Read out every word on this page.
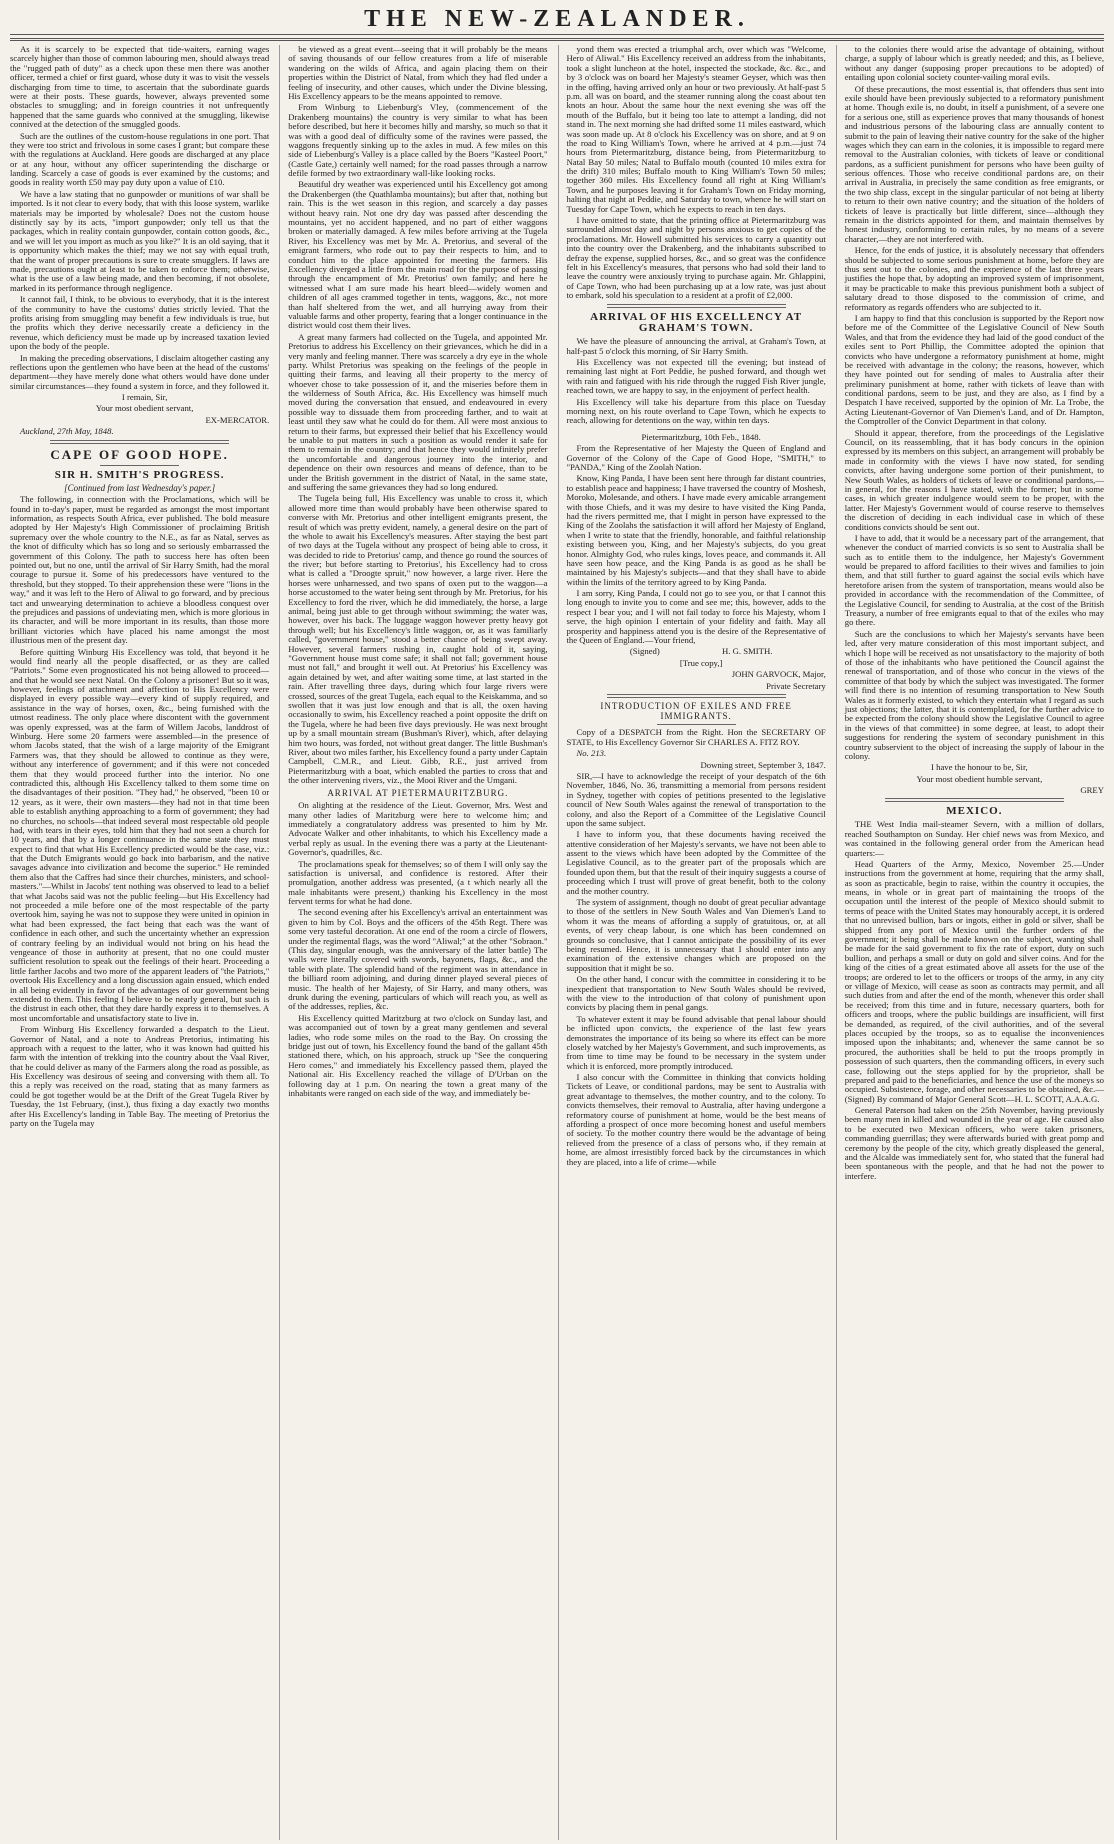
THE NEW-ZEALANDER.

As it is scarcely to be expected that tide-waiters, earning wages scarcely higher than those of common labouring men, should always tread the "rugged path of duty" as a check upon these men there was another officer, termed a chief or first guard, whose duty it was to visit the vessels discharging from time to time, to ascertain that the subordinate guards were at their posts. These guards, however, always prevented some obstacles to smuggling; and in foreign countries it not unfrequently happened that the same guards who connived at the smuggling, likewise connived at the detection of the smuggled goods.

Such are the outlines of the custom-house regulations in one port. That they were too strict and frivolous in some cases I grant; but compare these with the regulations at Auckland. Here goods are discharged at any place or at any hour, without any officer superintending the discharge or landing. Scarcely a case of goods is ever examined by the customs; and goods in reality worth £50 may pay duty upon a value of £10.

We have a law stating that no gunpowder or munitions of war shall be imported. Is it not clear to every body, that with this loose system, warlike materials may be imported by wholesale? Does not the custom house distinctly say by its acts, "import gunpowder; only tell us that the packages, which in reality contain gunpowder, contain cotton goods, &c., and we will let you import as much as you like?" It is an old saying, that it is opportunity which makes the thief; may we not say with equal truth, that the want of proper precautions is sure to create smugglers. If laws are made, precautions ought at least to be taken to enforce them; otherwise, what is the use of a law being made, and then becoming, if not obsolete, marked in its performance through negligence.

It cannot fail, I think, to be obvious to everybody, that it is the interest of the community to have the customs' duties strictly levied. That the profits arising from smuggling may benefit a few individuals is true, but the profits which they derive necessarily create a deficiency in the revenue, which deficiency must be made up by increased taxation levied upon the body of the people.

In making the preceding observations, I disclaim altogether casting any reflections upon the gentlemen who have been at the head of the customs' department—they have merely done what others would have done under similar circumstances—they found a system in force, and they followed it.

I remain, Sir,

Your most obedient servant,

EX-MERCATOR.

Auckland, 27th May, 1848.

CAPE OF GOOD HOPE.
SIR H. SMITH'S PROGRESS.
[Continued from last Wednesday's paper.]

The following, in connection with the Proclamations, which will be found in to-day's paper, must be regarded as amongst the most important information, as respects South Africa, ever published. The bold measure adopted by Her Majesty's High Commissioner of proclaiming British supremacy over the whole country to the N.E., as far as Natal, serves as the knot of difficulty which has so long and so seriously embarrassed the government of this Colony. The path to success here has often been pointed out, but no one, until the arrival of Sir Harry Smith, had the moral courage to pursue it. Some of his predecessors have ventured to the threshold, but they stopped. To their apprehension these were "lions in the way," and it was left to the Hero of Aliwal to go forward, and by precious tact and unwearying determination to achieve a bloodless conquest over the prejudices and passions of undeviating men, which is more glorious in its character, and will be more important in its results, than those more brilliant victories which have placed his name amongst the most illustrious men of the present day.

Before quitting Winburg His Excellency was told, that beyond it he would find nearly all the people disaffected, or as they are called "Patriots." Some even prognosticated his not being allowed to proceed—and that he would see next Natal. On the Colony a prisoner! But so it was, however, feelings of attachment and affection to His Excellency were displayed in every possible way—every kind of supply required, and assistance in the way of horses, oxen, &c., being furnished with the utmost readiness. The only place where discontent with the government was openly expressed, was at the farm of Willem Jacobs, landdrost of Winburg. Here some 20 farmers were assembled—in the presence of whom Jacobs stated, that the wish of a large majority of the Emigrant Farmers was, that they should be allowed to continue as they were, without any interference of government; and if this were not conceded them that they would proceed further into the interior. No one contradicted this, although His Excellency talked to them some time on the disadvantages of their position. "They had," he observed, "been 10 or 12 years, as it were, their own masters—they had not in that time been able to establish anything approaching to a form of government; they had no churches, no schools—that indeed several most respectable old people had, with tears in their eyes, told him that they had not seen a church for 10 years, and that by a longer continuance in the same state they must expect to find that what His Excellency predicted would be the case, viz.: that the Dutch Emigrants would go back into barbarism, and the native savages advance into civilization and become the superior." He reminded them also that the Caffres had since their churches, ministers, and school-masters."—Whilst in Jacobs' tent nothing was observed to lead to a belief that what Jacobs said was not the public feeling—but His Excellency had not proceeded a mile before one of the most respectable of the party overtook him, saying he was not to suppose they were united in opinion in what had been expressed, the fact being that each was the want of confidence in each other, and such the uncertainty whether an expression of contrary feeling by an individual would not bring on his head the vengeance of those in authority at present, that no one could muster sufficient resolution to speak out the feelings of their heart. Proceeding a little farther Jacobs and two more of the apparent leaders of "the Patriots," overtook His Excellency and a long discussion again ensued, which ended in all being evidently in favor of the advantages of our government being extended to them. This feeling I believe to be nearly general, but such is the distrust in each other, that they dare hardly express it to themselves. A most uncomfortable and unsatisfactory state to live in.

From Winburg His Excellency forwarded a despatch to the Lieut. Governor of Natal, and a note to Andreas Pretorius, intimating his approach with a request to the latter, who it was known had quitted his farm with the intention of trekking into the country about the Vaal River, that he could deliver as many of the Farmers along the road as possible, as His Excellency was desirous of seeing and conversing with them all. To this a reply was received on the road, stating that as many farmers as could be got together would be at the Drift of the Great Tugela River by Tuesday, the 1st February, (inst.), thus fixing a day exactly two months after His Excellency's landing in Table Bay. The meeting of Pretorius the party on the Tugela may

be viewed as a great event—seeing that it will probably be the means of saving thousands of our fellow creatures from a life of miserable wandering on the wilds of Africa, and again placing them on their properties within the District of Natal, from which they had fled under a feeling of insecurity, and other causes, which under the Divine blessing, His Excellency appears to be the means appointed to remove.

From Winburg to Liebenburg's Vley, (commencement of the Drakenberg mountains) the country is very similar to what has been before described, but here it becomes hilly and marshy, so much so that it was with a good deal of difficulty some of the ravines were passed, the waggons frequently sinking up to the axles in mud. A few miles on this side of Liebenburg's Valley is a place called by the Boers "Kasteel Poort," (Castle Gate,) certainly well named; for the road passes through a narrow defile formed by two extraordinary wall-like looking rocks.

Beautiful dry weather was experienced until his Excellency got among the Drakenbergen (the Quathlamba mountains); but after that, nothing but rain. This is the wet season in this region, and scarcely a day passes without heavy rain. Not one dry day was passed after descending the mountains, yet no accident happened, and no part of either waggons broken or materially damaged. A few miles before arriving at the Tugela River, his Excellency was met by Mr. A. Pretorius, and several of the emigrant farmers, who rode out to pay their respects to him, and to conduct him to the place appointed for meeting the farmers. His Excellency diverged a little from the main road for the purpose of passing through the encampment of Mr. Pretorius' own family; and here he witnessed what I am sure made his heart bleed—widely women and children of all ages crammed together in tents, waggons, &c., not more than half sheltered from the wet, and all hurrying away from their valuable farms and other property, fearing that a longer continuance in the district would cost them their lives.

A great many farmers had collected on the Tugela, and appointed Mr. Pretorius to address his Excellency on their grievances, which he did in a very manly and feeling manner. There was scarcely a dry eye in the whole party. Whilst Pretorius was speaking on the feelings of the people in quitting their farms, and leaving all their property to the mercy of whoever chose to take possession of it, and the miseries before them in the wilderness of South Africa, &c. His Excellency was himself much moved during the conversation that ensued, and endeavoured in every possible way to dissuade them from proceeding farther, and to wait at least until they saw what he could do for them. All were most anxious to return to their farms, but expressed their belief that his Excellency would be unable to put matters in such a position as would render it safe for them to remain in the country; and that hence they would infinitely prefer the uncomfortable and dangerous journey into the interior, and dependence on their own resources and means of defence, than to be under the British government in the district of Natal, in the same state, and suffering the same grievances they had so long endured.

The Tugela being full, His Excellency was unable to cross it, which allowed more time than would probably have been otherwise spared to converse with Mr. Pretorius and other intelligent emigrants present, the result of which was pretty evident, namely, a general desire on the part of the whole to await his Excellency's measures. After staying the best part of two days at the Tugela without any prospect of being able to cross, it was decided to ride to Pretorius' camp, and thence go round the sources of the river; but before starting to Pretorius', his Excellency had to cross what is called a "Droogte spruit," now however, a large river. Here the horses were unharnessed, and two spans of oxen put to the waggon—a horse accustomed to the water being sent through by Mr. Pretorius, for his Excellency to ford the river, which he did immediately, the horse, a large animal, being just able to get through without swimming; the water was, however, over his back. The luggage waggon however pretty heavy got through well; but his Excellency's little waggon, or, as it was familiarly called, "government house," stood a better chance of being swept away. However, several farmers rushing in, caught hold of it, saying, "Government house must come safe; it shall not fall; government house must not fall," and brought it well out. At Pretorius' his Excellency was again detained by wet, and after waiting some time, at last started in the rain. After travelling three days, during which four large rivers were crossed, sources of the great Tugela, each equal to the Keiskamma, and so swollen that it was just low enough and that is all, the oxen having occasionally to swim, his Excellency reached a point opposite the drift on the Tugela, where he had been five days previously. He was next brought up by a small mountain stream (Bushman's River), which, after delaying him two hours, was forded, not without great danger. The little Bushman's River, about two miles farther, his Excellency found a party under Captain Campbell, C.M.R., and Lieut. Gibb, R.E., just arrived from Pietermaritzburg with a boat, which enabled the parties to cross that and the other intervening rivers, viz., the Mooi River and the Umgani.

ARRIVAL AT PIETERMAURITZBURG.

On alighting at the residence of the Lieut. Governor, Mrs. West and many other ladies of Maritzburg were here to welcome him; and immediately a congratulatory address was presented to him by Mr. Advocate Walker and other inhabitants, to which his Excellency made a verbal reply as usual. In the evening there was a party at the Lieutenant-Governor's, quadrilles, &c.

The proclamations speak for themselves; so of them I will only say the satisfaction is universal, and confidence is restored. After their promulgation, another address was presented, (a t which nearly all the male inhabitants were present,) thanking his Excellency in the most fervent terms for what he had done.

The second evening after his Excellency's arrival an entertainment was given to him by Col. Boys and the officers of the 45th Regt. There was some very tasteful decoration. At one end of the room a circle of flowers, under the regimental flags, was the word "Aliwal;" at the other "Sobraon." (This day, singular enough, was the anniversary of the latter battle) The walls were literally covered with swords, bayonets, flags, &c., and the table with plate. The splendid band of the regiment was in attendance in the billiard room adjoining, and during dinner played several pieces of music. The health of her Majesty, of Sir Harry, and many others, was drunk during the evening, particulars of which will reach you, as well as of the addresses, replies, &c.

His Excellency quitted Maritzburg at two o'clock on Sunday last, and was accompanied out of town by a great many gentlemen and several ladies, who rode some miles on the road to the Bay. On crossing the bridge just out of town, his Excellency found the band of the gallant 45th stationed there, which, on his approach, struck up "See the conquering Hero comes," and immediately his Excellency passed them, played the National air. His Excellency reached the village of D'Urban on the following day at 1 p.m. On nearing the town a great many of the inhabitants were ranged on each side of the way, and immediately be-

yond them was erected a triumphal arch, over which was "Welcome, Hero of Aliwal." His Excellency received an address from the inhabitants, took a slight luncheon at the hotel, inspected the stockade, &c. &c., and by 3 o'clock was on board her Majesty's steamer Geyser, which was then in the offing, having arrived only an hour or two previously. At half-past 5 p.m. all was on board, and the steamer running along the coast about ten knots an hour. About the same hour the next evening she was off the mouth of the Buffalo, but it being too late to attempt a landing, did not stand in. The next morning she had drifted some 11 miles eastward, which was soon made up. At 8 o'clock his Excellency was on shore, and at 9 on the road to King William's Town, where he arrived at 4 p.m.—just 74 hours from Pietermaritzburg, distance being, from Pietermaritzburg to Natal Bay 50 miles; Natal to Buffalo mouth (counted 10 miles extra for the drift) 310 miles; Buffalo mouth to King William's Town 50 miles; together 360 miles. His Excellency found all right at King William's Town, and he purposes leaving it for Graham's Town on Friday morning, halting that night at Peddie, and Saturday to town, whence he will start on Tuesday for Cape Town, which he expects to reach in ten days.

I have omitted to state, that the printing office at Pietermaritzburg was surrounded almost day and night by persons anxious to get copies of the proclamations. Mr. Howell submitted his services to carry a quantity out into the country over the Drakenberg, and the inhabitants subscribed to defray the expense, supplied horses, &c., and so great was the confidence felt in his Excellency's measures, that persons who had sold their land to leave the country were anxiously trying to purchase again. Mr. Ghlappini, of Cape Town, who had been purchasing up at a low rate, was just about to embark, sold his speculation to a resident at a profit of £2,000.

ARRIVAL OF HIS EXCELLENCY AT GRAHAM'S TOWN.

We have the pleasure of announcing the arrival, at Graham's Town, at half-past 5 o'clock this morning, of Sir Harry Smith.

His Excellency was not expected till the evening; but instead of remaining last night at Fort Peddie, he pushed forward, and though wet with rain and fatigued with his ride through the rugged Fish River jungle, reached town, we are happy to say, in the enjoyment of perfect health.

His Excellency will take his departure from this place on Tuesday morning next, on his route overland to Cape Town, which he expects to reach, allowing for detentions on the way, within ten days.

Pietermaritzburg, 10th Feb., 1848.

From the Representative of her Majesty the Queen of England and Governor of the Colony of the Cape of Good Hope, "SMITH," to "PANDA," King of the Zoolah Nation.

Know, King Panda, I have been sent here through far distant countries, to establish peace and happiness; I have traversed the country of Moshesh, Moroko, Molesande, and others. I have made every amicable arrangement with those Chiefs, and it was my desire to have visited the King Panda, had the rivers permitted me, that I might in person have expressed to the King of the Zoolahs the satisfaction it will afford her Majesty of England, when I write to state that the friendly, honorable, and faithful relationship existing between you, King, and her Majesty's subjects, do you great honor. Almighty God, who rules kings, loves peace, and commands it. All have seen how peace, and the King Panda is as good as he shall be maintained by his Majesty's subjects—and that they shall have to abide within the limits of the territory agreed to by King Panda.

I am sorry, King Panda, I could not go to see you, or that I cannot this long enough to invite you to come and see me; this, however, adds to the respect I bear you; and I will not fail today to force his Majesty, whom I serve, the high opinion I entertain of your fidelity and faith. May all prosperity and happiness attend you is the desire of the Representative of the Queen of England.—Your friend,

(Signed)	H. G. SMITH.

[True copy,]

JOHN GARVOCK, Major,

Private Secretary

INTRODUCTION OF EXILES AND FREE IMMIGRANTS.

Copy of a DESPATCH from the Right. Hon the SECRETARY OF STATE, to His Excellency Governor Sir CHARLES A. FITZ ROY.

No. 213.

Downing street, September 3, 1847.

SIR,—I have to acknowledge the receipt of your despatch of the 6th November, 1846, No. 36, transmitting a memorial from persons resident in Sydney, together with copies of petitions presented to the legislative council of New South Wales against the renewal of transportation to the colony, and also the Report of a Committee of the Legislative Council upon the same subject.

I have to inform you, that these documents having received the attentive consideration of her Majesty's servants, we have not been able to assent to the views which have been adopted by the Committee of the Legislative Council, as to the greater part of the proposals which are founded upon them, but that the result of their inquiry suggests a course of proceeding which I trust will prove of great benefit, both to the colony and the mother country.

The system of assignment, though no doubt of great peculiar advantage to those of the settlers in New South Wales and Van Diemen's Land to whom it was the means of affording a supply of gratuitous, or, at all events, of very cheap labour, is one which has been condemned on grounds so conclusive, that I cannot anticipate the possibility of its ever being resumed. Hence, it is unnecessary that I should enter into any examination of the extensive changes which are proposed on the supposition that it might be so.

On the other hand, I concur with the committee in considering it to be inexpedient that transportation to New South Wales should be revived, with the view to the introduction of that colony of punishment upon convicts by placing them in penal gangs.

To whatever extent it may be found advisable that penal labour should be inflicted upon convicts, the experience of the last few years demonstrates the importance of its being so where its effect can be more closely watched by her Majesty's Government, and such improvements, as from time to time may be found to be necessary in the system under which it is enforced, more promptly introduced.

I also concur with the Committee in thinking that convicts holding Tickets of Leave, or conditional pardons, may be sent to Australia with great advantage to themselves, the mother country, and to the colony. To convicts themselves, their removal to Australia, after having undergone a reformatory course of punishment at home, would be the best means of affording a prospect of once more becoming honest and useful members of society. To the mother country there would be the advantage of being relieved from the presence of a class of persons who, if they remain at home, are almost irresistibly forced back by the circumstances in which they are placed, into a life of crime—while

to the colonies there would arise the advantage of obtaining, without charge, a supply of labour which is greatly needed; and this, as I believe, without any danger (supposing proper precautions to be adopted) of entailing upon colonial society counter-vailing moral evils.

Of these precautions, the most essential is, that offenders thus sent into exile should have been previously subjected to a reformatory punishment at home. Though exile is, no doubt, in itself a punishment, of a severe one for a serious one, still as experience proves that many thousands of honest and industrious persons of the labouring class are annually content to submit to the pain of leaving their native country for the sake of the higher wages which they can earn in the colonies, it is impossible to regard mere removal to the Australian colonies, with tickets of leave or conditional pardons, as a sufficient punishment for persons who have been guilty of serious offences. Those who receive conditional pardons are, on their arrival in Australia, in precisely the same condition as free emigrants, or the two ship class, except in the singular particular of not being at liberty to return to their own native country; and the situation of the holders of tickets of leave is practically but little different, since—although they remain in the districts appointed for them, and maintain themselves by honest industry, conforming to certain rules, by no means of a severe character,—they are not interfered with.

Hence, for the ends of justice, it is absolutely necessary that offenders should be subjected to some serious punishment at home, before they are thus sent out to the colonies, and the experience of the last three years justifies the hope that, by adopting an improved system of imprisonment, it may be practicable to make this previous punishment both a subject of salutary dread to those disposed to the commission of crime, and reformatory as regards offenders who are subjected to it.

I am happy to find that this conclusion is supported by the Report now before me of the Committee of the Legislative Council of New South Wales, and that from the evidence they had laid of the good conduct of the exiles sent to Port Phillip, the Committee adopted the opinion that convicts who have undergone a reformatory punishment at home, might be received with advantage in the colony; the reasons, however, which they have pointed out for sending of males to Australia after their preliminary punishment at home, rather with tickets of leave than with conditional pardons, seem to be just, and they are also, as I find by a Despatch I have received, supported by the opinion of Mr. La Trobe, the Acting Lieutenant-Governor of Van Diemen's Land, and of Dr. Hampton, the Comptroller of the Convict Department in that colony.

Should it appear, therefore, from the proceedings of the Legislative Council, on its reassembling, that it has body concurs in the opinion expressed by its members on this subject, an arrangement will probably be made in conformity with the views I have now stated, for sending convicts, after having undergone some portion of their punishment, to New South Wales, as holders of tickets of leave or conditional pardons,—in general, for the reasons I have stated, with the former; but in some cases, in which greater indulgence would seem to be proper, with the latter. Her Majesty's Government would of course reserve to themselves the discretion of deciding in each individual case in which of these conditions convicts should be sent out.

I have to add, that it would be a necessary part of the arrangement, that whenever the conduct of married convicts is so sent to Australia shall be such as to entitle them to the indulgence, her Majesty's Government would be prepared to afford facilities to their wives and families to join them, and that still further to guard against the social evils which have heretofore arisen from the system of transportation, means would also be provided in accordance with the recommendation of the Committee, of the Legislative Council, for sending to Australia, at the cost of the British Treasury, a number of free emigrants equal to that of the exiles who may go there.

Such are the conclusions to which her Majesty's servants have been led, after very mature consideration of this most important subject, and which I hope will be received as not unsatisfactory to the majority of both of those of the inhabitants who have petitioned the Council against the renewal of transportation, and of those who concur in the views of the committee of that body by which the subject was investigated. The former will find there is no intention of resuming transportation to New South Wales as it formerly existed, to which they entertain what I regard as such just objections; the latter, that it is contemplated, for the further advice to be expected from the colony should show the Legislative Council to agree in the views of that committee) in some degree, at least, to adopt their suggestions for rendering the system of secondary punishment in this country subservient to the object of increasing the supply of labour in the colony.

I have the honour to be, Sir,

Your most obedient humble servant,

GREY

MEXICO.

THE West India mail-steamer Severn, with a million of dollars, reached Southampton on Sunday. Her chief news was from Mexico, and was contained in the following general order from the American head quarters:—

Head Quarters of the Army, Mexico, November 25.—Under instructions from the government at home, requiring that the army shall, as soon as practicable, begin to raise, within the country it occupies, the means, in whole or in great part of maintaining the troops of the occupation until the interest of the people of Mexico should submit to terms of peace with the United States may honourably accept, it is ordered that no unrevised bullion, bars or ingots, either in gold or silver, shall be shipped from any port of Mexico until the further orders of the government; it being shall be made known on the subject, wanting shall be made for the said government to fix the rate of export, duty on such bullion, and perhaps a small or duty on gold and silver coins. And for the king of the cities of a great estimated above all assets for the use of the troops; are ordered to let to the officers or troops of the army, in any city or village of Mexico, will cease as soon as contracts may permit, and all such duties from and after the end of the month, whenever this order shall be received; from this time and in future, necessary quarters, both for officers and troops, where the public buildings are insufficient, will first be demanded, as required, of the civil authorities, and of the several places occupied by the troops, so as to equalise the inconveniences imposed upon the inhabitants; and, whenever the same cannot be so procured, the authorities shall be held to put the troops promptly in possession of such quarters, then the commanding officers, in every such case, following out the steps applied for by the proprietor, shall be prepared and paid to the beneficiaries, and hence the use of the moneys so occupied. Subsistence, forage, and other necessaries to be obtained, &c.—(Signed) By command of Major General Scott—H. L. SCOTT, A.A.A.G.

General Paterson had taken on the 25th November, having previously been many men in killed and wounded in the year of age. He caused also to be executed two Mexican officers, who were taken prisoners, commanding guerrillas; they were afterwards buried with great pomp and ceremony by the people of the city, which greatly displeased the general, and the Alcalde was immediately sent for, who stated that the funeral had been spontaneous with the people, and that he had not the power to interfere.
